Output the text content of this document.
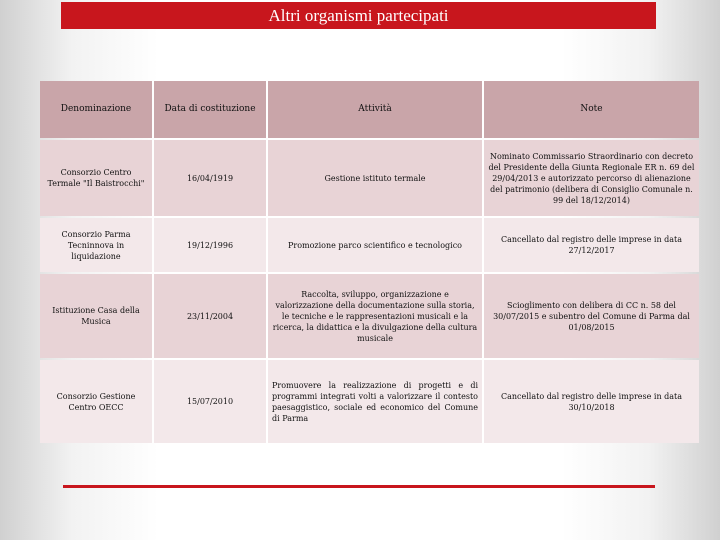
Altri organismi partecipati
Denominazione	Data di costituzione	Attività	Note
Consorzio Centro Termale "Il Baistrocchi"	16/04/1919	Gestione istituto termale	Nominato Commissario Straordinario con decreto del Presidente della Giunta Regionale ER n. 69 del 29/04/2013 e autorizzato percorso di alienazione del patrimonio (delibera di Consiglio Comunale n. 99 del 18/12/2014)
Consorzio Parma Tecninnova in liquidazione	19/12/1996	Promozione parco scientifico e tecnologico	Cancellato dal registro delle imprese in data 27/12/2017
Istituzione Casa della Musica	23/11/2004	Raccolta, sviluppo, organizzazione e valorizzazione della documentazione sulla storia, le tecniche e le rappresentazioni musicali e la ricerca, la didattica e la divulgazione della cultura musicale	Scioglimento con delibera di CC n. 58 del 30/07/2015 e subentro del Comune di Parma dal 01/08/2015
Consorzio Gestione Centro OECC	15/07/2010	Promuovere la realizzazione di progetti e di programmi integrati volti a valorizzare il contesto paesaggistico, sociale ed economico del Comune di Parma	Cancellato dal registro delle imprese in data 30/10/2018
